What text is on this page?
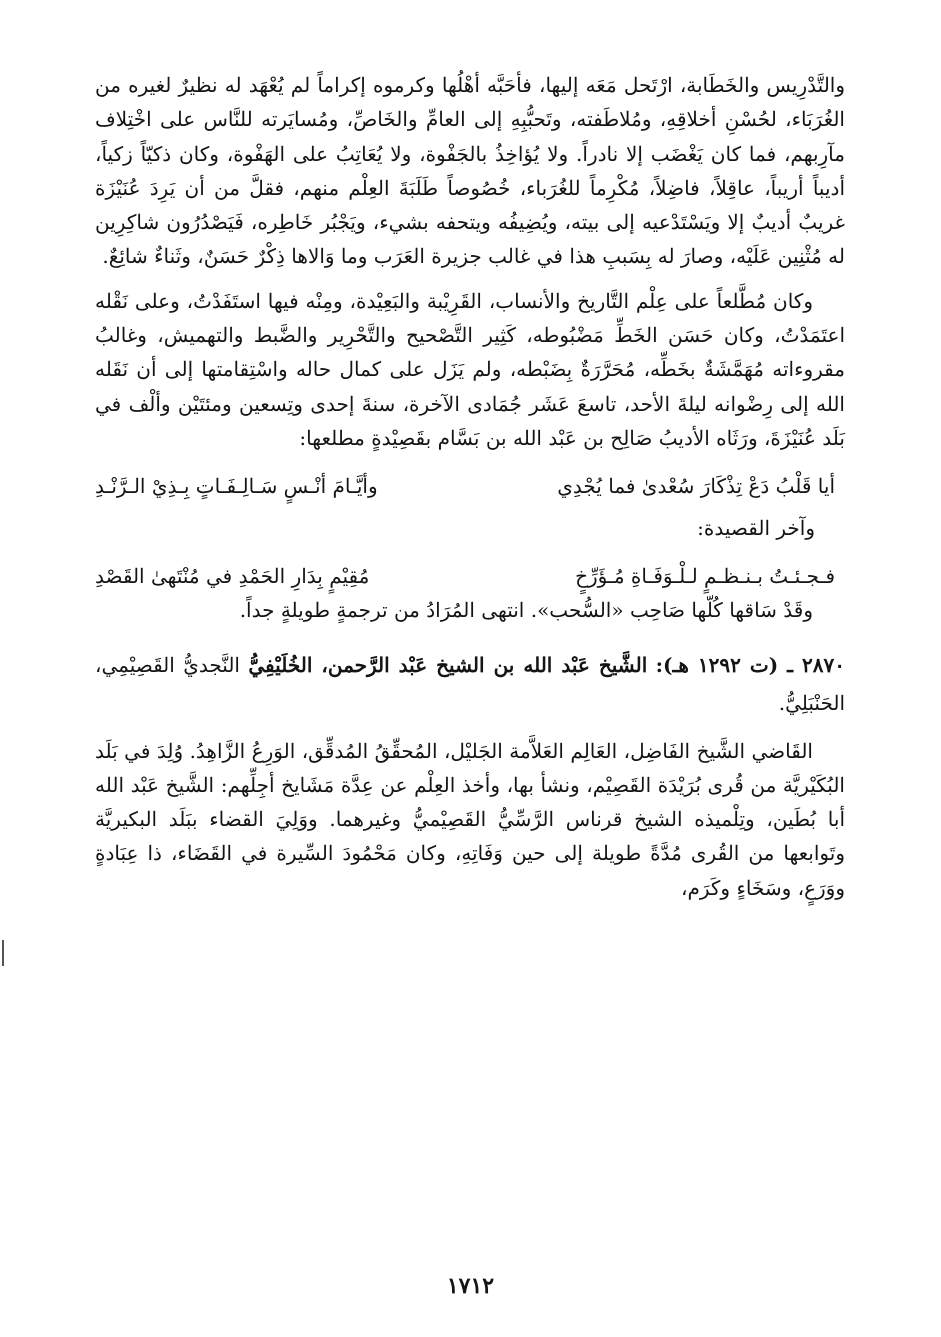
والتَّدْرِيس والخَطَابة، ارْتَحل مَعَه إليها، فأحَبَّه أهْلُها وكرموه إكراماً لم يُعْهَد له نظيرٌ لغيره من الغُرَبَاء، لحُسْنِ أخلاقِهِ، ومُلاطَفته، وتَحبُّبِهِ إلى العامِّ والخَاصِّ، ومُسايَرته للنَّاس على اخْتِلاف مآرِبهم، فما كان يَغْضَب إلا نادراً. ولا يُؤاخِذُ بالجَفْوة، ولا يُعَاتِبُ على الهَفْوة، وكان ذكيّاً زكياً، أديباً أريباً، عاقِلاً، فاضِلاً، مُكْرِماً للغُرَباء، خُصُوصاً طَلَبَةَ العِلْم منهم، فقلَّ من أن يَرِدَ عُنَيْزَة غريبٌ أديبٌ إلا ويَسْتَدْعيه إلى بيته، ويُضِيفُه ويتحفه بشيء، ويَجْبُر خَاطِره، فَيَصْدُرُون شاكِرِين له مُثْنِين عَلَيْه، وصارَ له بِسَببِ هذا في غالب جزيرة العَرَب وما وَالاها ذِكْرٌ حَسَنٌ، وثَناءٌ شائِعٌ.

وكان مُطَّلعاً على عِلْم التَّاريخ والأنساب، القَرِيْبة والبَعِيْدة، ومِنْه فيها استَفَدْتُ، وعلى نَقْله اعتَمَدْتُ، وكان حَسَن الخَطِّ مَضْبُوطه، كَثِير التَّصْحيح والتَّحْرِير والضَّبط والتهميش، وغالبُ مقروءاته مُهَمَّشَةٌ بخَطِّه، مُحَرَّرَةٌ بِضَبْطه، ولم يَزَل على كمال حاله واسْتِقامتها إلى أن نَقَله الله إلى رِضْوانه ليلةَ الأحد، تاسعَ عَشَر جُمَادى الآخرة، سنةَ إحدى وتِسعين ومئتَيْن وألْف في بَلَد عُنَيْزَةَ، ورَثَاه الأديبُ صَالِح بن عَبْد الله بن بَسَّام بقَصِيْدةٍ مطلعها:

أيا قَلْبُ دَعْ تِذْكَارَ سُعْدىٰ فما يُجْدِي
وأيَّـامَ أنْـسٍ سَـالِـفَـاتٍ بِـذِيْ الـرَّنْـدِ
وآخر القصيدة:
فـجـئـتُ بـنـظـمٍ لـلْـوَفَـاةِ مُـؤَرِّخٍ
مُقِيْمٍ بِدَارِ الحَمْدِ في مُنْتَهىٰ القَصْدِ

وقَدْ سَاقها كُلّها صَاحِب «السُّحب». انتهى المُرَادُ من ترجمةٍ طويلةٍ جداً.

٢٨٧٠ ـ (ت ١٢٩٢ هـ): الشَّيخ عَبْد الله بن الشيخ عَبْد الرَّحمن، الخُلَيْفِيُّ النَّجديُّ القَصِيْمِي، الحَنْبَلِيُّ.

القَاضي الشَّيخ الفَاضِل، العَالِم العَلاَّمة الجَليْل، المُحقِّقُ المُدقِّق، الوَرِعُ الزَّاهِدُ. وُلِدَ في بَلَد البُكَيْريَّة من قُرى بُرَيْدَة القَصِيْم، ونشأ بها، وأخذ العِلْم عن عِدَّة مَشَايخ أجِلِّهم: الشَّيخ عَبْد الله أبا بُطَين، وتِلْميذه الشيخ قرناس الرَّسِّيُّ القَصِيْميُّ وغيرهما. ووَلِيَ القضاء ببَلَد البكيريَّة وتَوابعها من القُرى مُدَّةً طويلة إلى حين وَفَاتِهِ، وكان مَحْمُودَ السِّيرة في القَضَاء، ذا عِبَادةٍ ووَرَعٍ، وسَخَاءٍ وكَرَم،

١٧١٢
